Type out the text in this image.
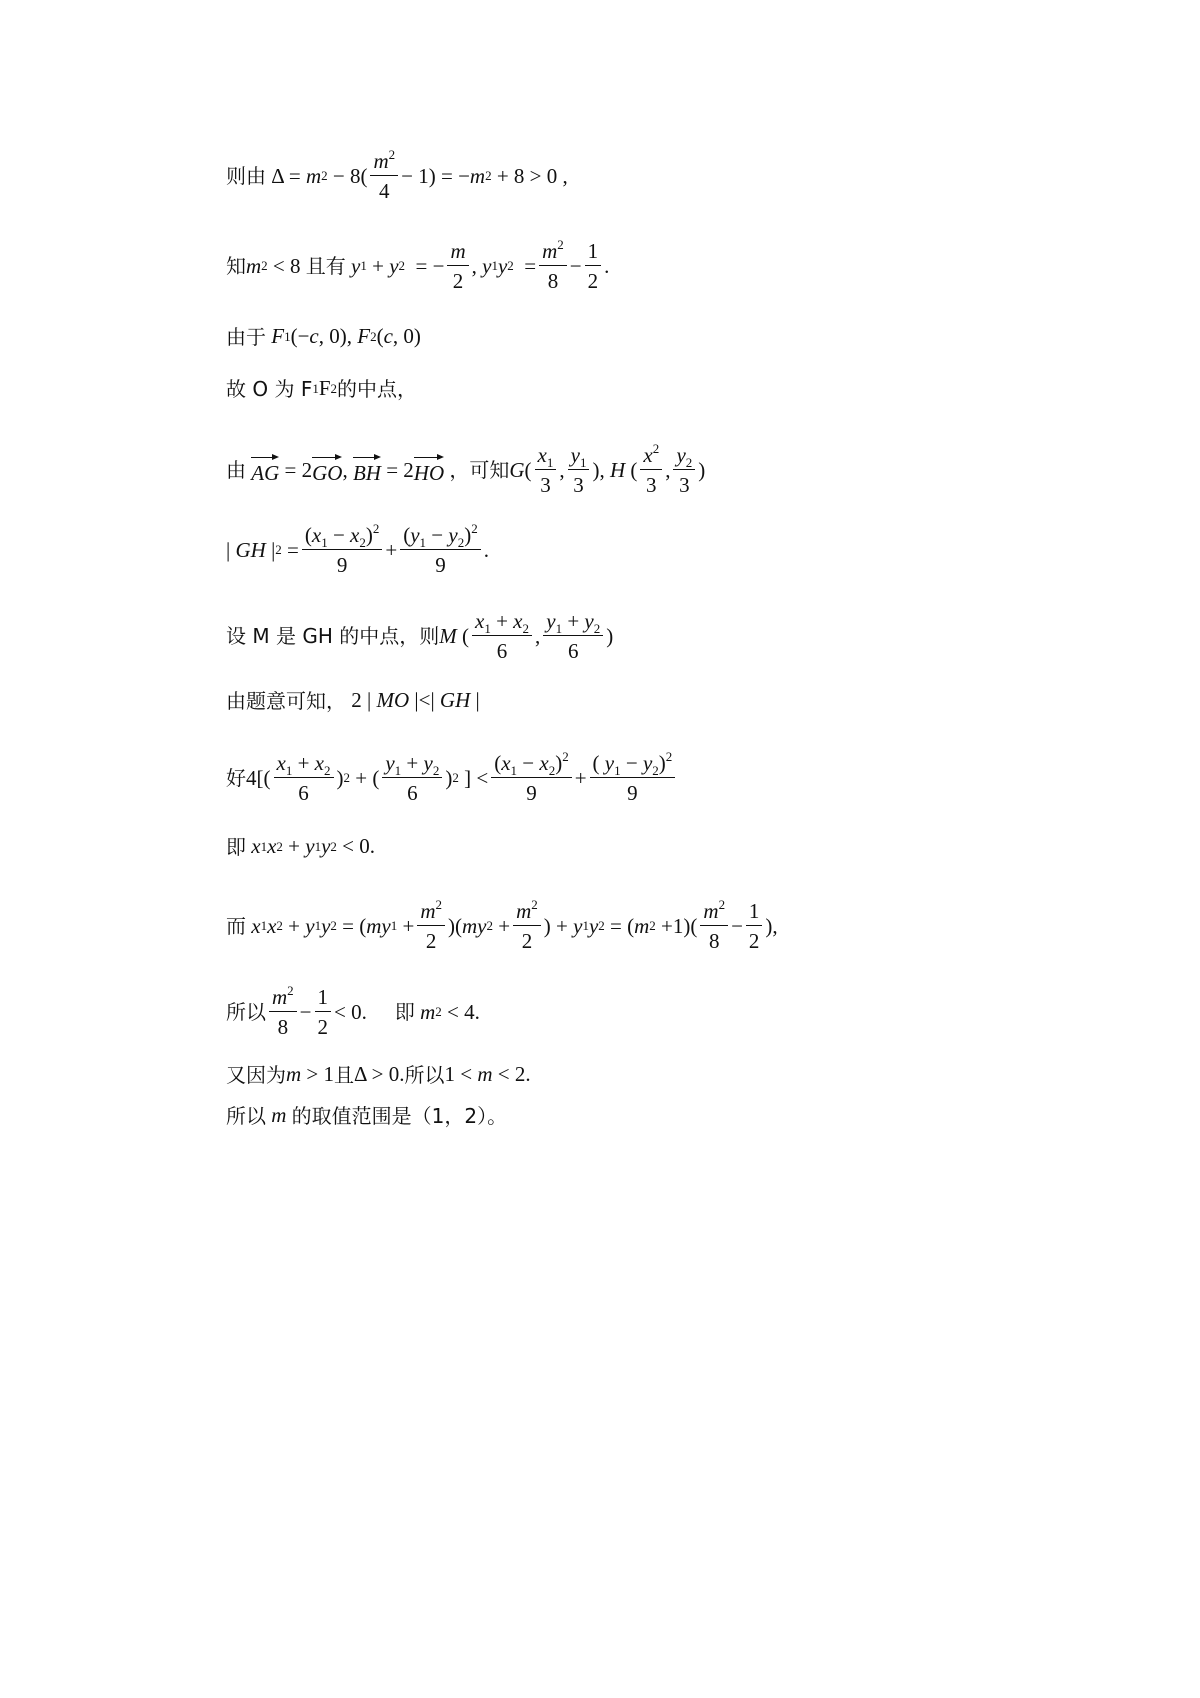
则由 Δ =
m $2 - 8( \frac{m^2}{4} - 1)$ = − m 2 + 8 > 0 ,
知 m 2 < 8 且有
y 1 + y 2 = − $\frac{m}{2}$ , y 1 y $2 = \frac{m^2}{8} - \frac{1}{2}$ .
由于 F 1 (− c , 0), F 2 ( c , 0)
故 O 为 F 1 F 2 的中点，
由
AG = 2 GO , BH = 2 HO
， 可知 G ( $\frac{x_1}{3}$ , $\frac{y_1}{3}$ ), H ( $\frac{x^2}{3}$ , $\frac{y_2}{3}$ )
| GH | $2 = \frac{(x_1 - x_2)^2}{9} + \frac{(y_1 - y_2)^2}{9}$ .
设 M 是 GH 的中点，则 M ( $\frac{x_1 + x_2}{6}$ , $\frac{y_1 + y_2}{6}$ )
由题意可知， 2 | MO |<| GH |
好 $4[( \frac{x_1 + x_2}{6}$ ) 2 + ( $\frac{y_1 + y_2}{6}$ ) 2 ] < $\frac{(x_1 - x_2)^2}{9} + \frac{( y_1 - y_2)^2}{9}$
即
x 1 x 2 + y 1 y 2 < 0.
而
x 1 x 2 + y 1 y 2 = ( my $1 + \frac{m^2}{2}$ )( my $2 + \frac{m^2}{2}$ ) + y 1 y 2 = ( m $2 +1)( \frac{m^2}{8} - \frac{1}{2}$ ),
所以 $\frac{m^2}{8} - \frac{1}{2} < 0$. 即 m 2 < 4.
又因为 m > 1 且 Δ > 0. 所以 1 < m < 2.
所以 m 的取值范围是（1，2）。
